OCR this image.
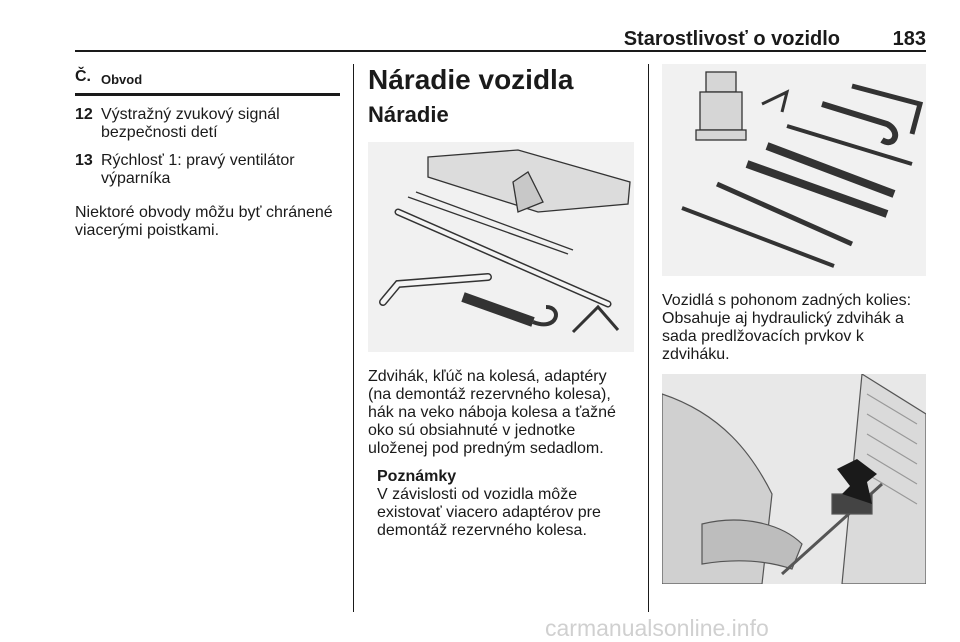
Starostlivosť o vozidlo	183
Č. Obvod
12 Výstražný zvukový signál bezpečnosti detí
13 Rýchlosť 1: pravý ventilátor výparníka
Niektoré obvody môžu byť chránené viacerými poistkami.
Náradie vozidla
Náradie
Zdvihák, kľúč na kolesá, adaptéry (na demontáž rezervného kolesa), hák na veko náboja kolesa a ťažné oko sú obsiahnuté v jednotke uloženej pod predným sedadlom.
Poznámky
V závislosti od vozidla môže existovať viacero adaptérov pre demontáž rezervného kolesa.
Vozidlá s pohonom zadných kolies: Obsahuje aj hydraulický zdvihák a sada predlžovacích prvkov k zdviháku.
carmanualsonline.info
